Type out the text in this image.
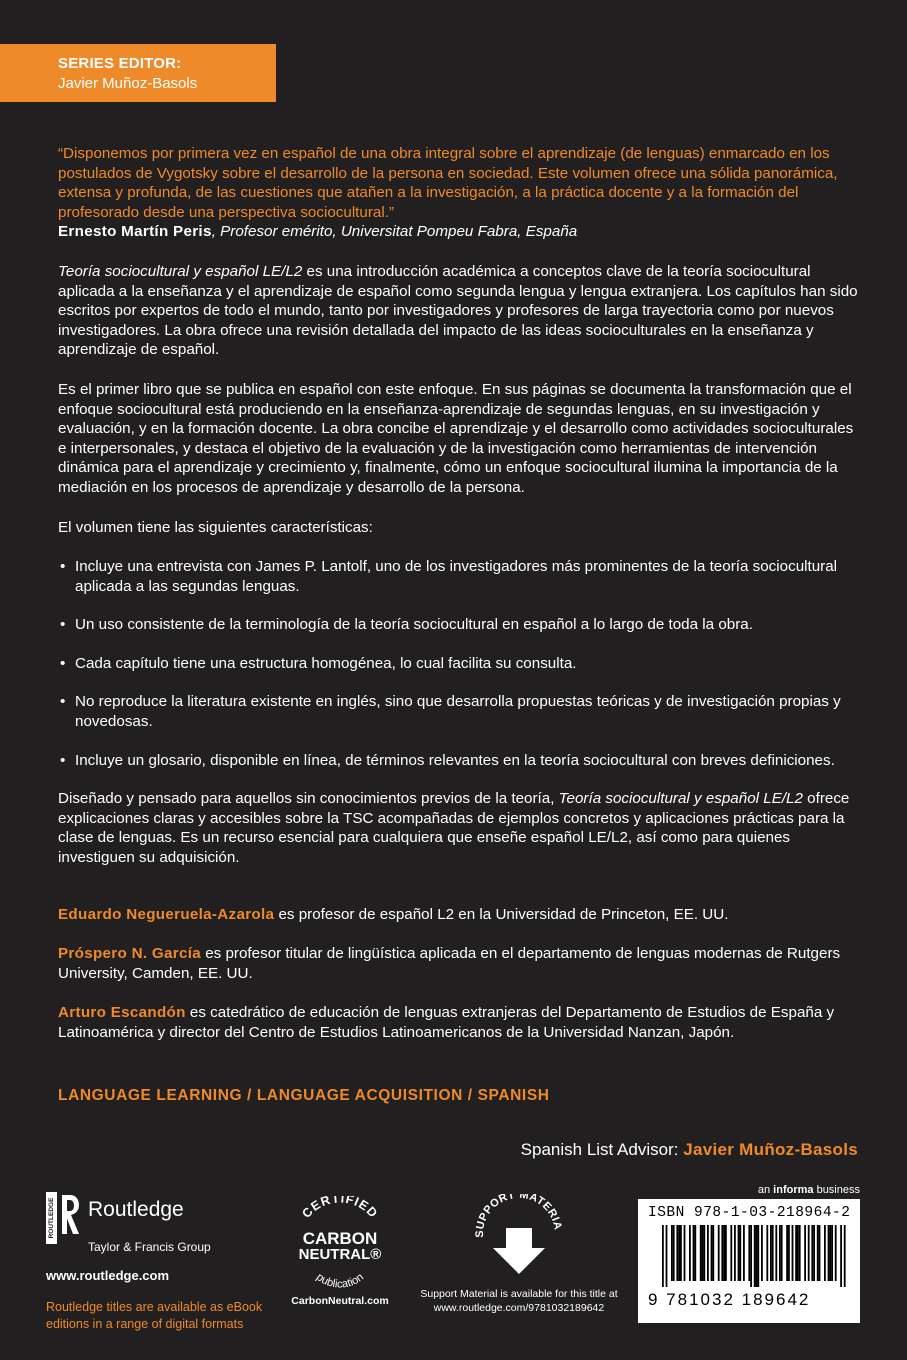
SERIES EDITOR:
Javier Muñoz-Basols
“Disponemos por primera vez en español de una obra integral sobre el aprendizaje (de lenguas) enmarcado en los postulados de Vygotsky sobre el desarrollo de la persona en sociedad. Este volumen ofrece una sólida panorámica, extensa y profunda, de las cuestiones que atañen a la investigación, a la práctica docente y a la formación del profesorado desde una perspectiva sociocultural.”
Ernesto Martín Peris, Profesor emérito, Universitat Pompeu Fabra, España
Teoría sociocultural y español LE/L2 es una introducción académica a conceptos clave de la teoría sociocultural aplicada a la enseñanza y el aprendizaje de español como segunda lengua y lengua extranjera. Los capítulos han sido escritos por expertos de todo el mundo, tanto por investigadores y profesores de larga trayectoria como por nuevos investigadores. La obra ofrece una revisión detallada del impacto de las ideas socioculturales en la enseñanza y aprendizaje de español.
Es el primer libro que se publica en español con este enfoque. En sus páginas se documenta la transformación que el enfoque sociocultural está produciendo en la enseñanza-aprendizaje de segundas lenguas, en su investigación y evaluación, y en la formación docente. La obra concibe el aprendizaje y el desarrollo como actividades socioculturales e interpersonales, y destaca el objetivo de la evaluación y de la investigación como herramientas de intervención dinámica para el aprendizaje y crecimiento y, finalmente, cómo un enfoque sociocultural ilumina la importancia de la mediación en los procesos de aprendizaje y desarrollo de la persona.
El volumen tiene las siguientes características:
• Incluye una entrevista con James P. Lantolf, uno de los investigadores más prominentes de la teoría sociocultural aplicada a las segundas lenguas.
• Un uso consistente de la terminología de la teoría sociocultural en español a lo largo de toda la obra.
• Cada capítulo tiene una estructura homogénea, lo cual facilita su consulta.
• No reproduce la literatura existente en inglés, sino que desarrolla propuestas teóricas y de investigación propias y novedosas.
• Incluye un glosario, disponible en línea, de términos relevantes en la teoría sociocultural con breves definiciones.
Diseñado y pensado para aquellos sin conocimientos previos de la teoría, Teoría sociocultural y español LE/L2 ofrece explicaciones claras y accesibles sobre la TSC acompañadas de ejemplos concretos y aplicaciones prácticas para la clase de lenguas. Es un recurso esencial para cualquiera que enseñe español LE/L2, así como para quienes investiguen su adquisición.
Eduardo Negueruela-Azarola es profesor de español L2 en la Universidad de Princeton, EE. UU.
Próspero N. García es profesor titular de lingüística aplicada en el departamento de lenguas modernas de Rutgers University, Camden, EE. UU.
Arturo Escandón es catedrático de educación de lenguas extranjeras del Departamento de Estudios de España y Latinoamérica y director del Centro de Estudios Latinoamericanos de la Universidad Nanzan, Japón.
LANGUAGE LEARNING / LANGUAGE ACQUISITION / SPANISH
Spanish List Advisor: Javier Muñoz-Basols
ROUTLEDGE Routledge
Taylor & Francis Group
www.routledge.com
Routledge titles are available as eBook editions in a range of digital formats
CERTIFIED
CARBON
NEUTRAL®
publication
CarbonNeutral.com
SUPPORT MATERIA
Support Material is available for this title at
www.routledge.com/9781032189642
an informa business
ISBN 978-1-03-218964-2
9 781032 189642
